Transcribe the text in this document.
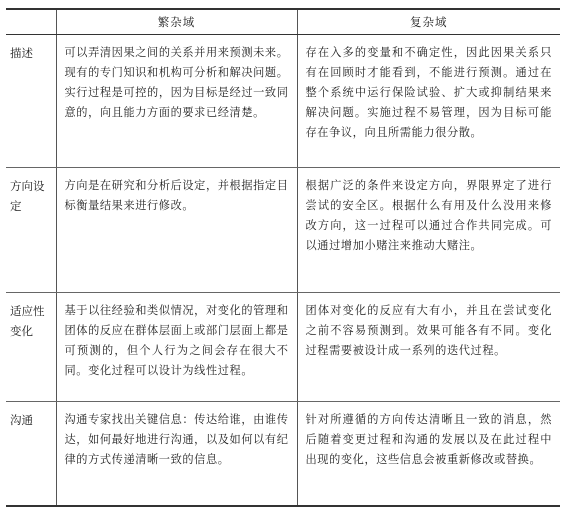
	繁杂域	复杂域
描述	可以弄清因果之间的关系并用来预测未来。现有的专门知识和机构可分析和解决问题。实行过程是可控的，因为目标是经过一致同意的，向且能力方面的要求已经清楚。	存在入多的变量和不确定性，因此因果关系只有在回顾时才能看到，不能进行预测。通过在整个系统中运行保险试验、扩大或抑制结果来解决问题。实施过程不易管理，因为目标可能存在争议，向且所需能力很分散。

方向设定	方向是在研究和分析后设定，并根据指定目标衡量结果来进行修改。	根据广泛的条件来设定方向，界限界定了进行尝试的安全区。根据什么有用及什么没用来修改方向，这一过程可以通过合作共同完成。可以通过增加小赌注来推动大赌注。

适应性变化	基于以往经验和类似情况，对变化的管理和团体的反应在群体层面上或部门层面上都是可预测的，但个人行为之间会存在很大不同。变化过程可以设计为线性过程。	团体对变化的反应有大有小，并且在尝试变化之前不容易预测到。效果可能各有不同。变化过程需要被设计成一系列的迭代过程。

沟通	沟通专家找出关键信息：传达给谁，由谁传达，如何最好地进行沟通，以及如何以有纪律的方式传递清晰一致的信息。	针对所遵循的方向传达清晰且一致的消息，然后随着变更过程和沟通的发展以及在此过程中出现的变化，这些信息会被重新修改或替换。
